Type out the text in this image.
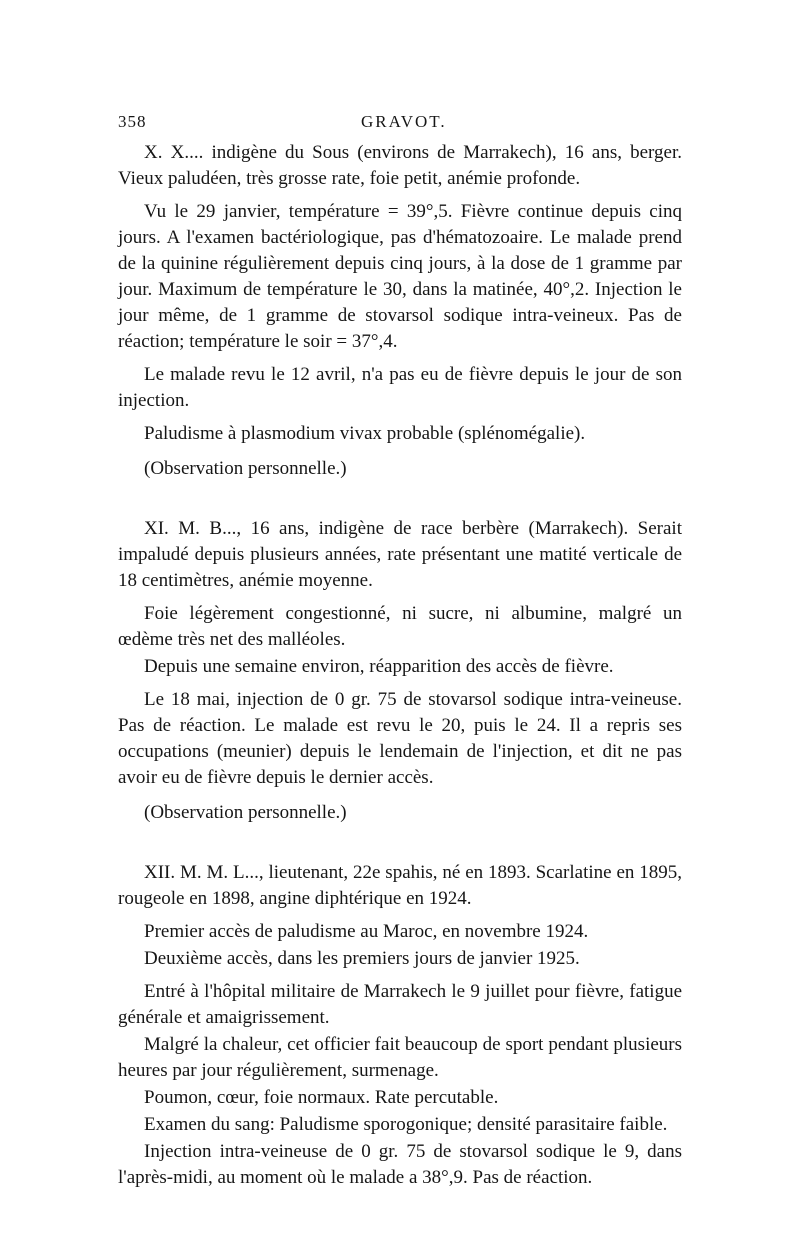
358	GRAVOT.

X. X.... indigène du Sous (environs de Marrakech), 16 ans, berger. Vieux paludéen, très grosse rate, foie petit, anémie profonde.

Vu le 29 janvier, température = 39°,5. Fièvre continue depuis cinq jours. A l'examen bactériologique, pas d'hématozoaire. Le malade prend de la quinine régulièrement depuis cinq jours, à la dose de 1 gramme par jour. Maximum de température le 30, dans la matinée, 40°,2. Injection le jour même, de 1 gramme de stovarsol sodique intra-veineux. Pas de réaction; température le soir = 37°,4.

Le malade revu le 12 avril, n'a pas eu de fièvre depuis le jour de son injection.

Paludisme à plasmodium vivax probable (splénomégalie).

(Observation personnelle.)

XI. M. B..., 16 ans, indigène de race berbère (Marrakech). Serait impaludé depuis plusieurs années, rate présentant une matité verticale de 18 centimètres, anémie moyenne.

Foie légèrement congestionné, ni sucre, ni albumine, malgré un œdème très net des malléoles.

Depuis une semaine environ, réapparition des accès de fièvre.

Le 18 mai, injection de 0 gr. 75 de stovarsol sodique intra-veineuse. Pas de réaction. Le malade est revu le 20, puis le 24. Il a repris ses occupations (meunier) depuis le lendemain de l'injection, et dit ne pas avoir eu de fièvre depuis le dernier accès.

(Observation personnelle.)

XII. M. M. L..., lieutenant, 22e spahis, né en 1893. Scarlatine en 1895, rougeole en 1898, angine diphtérique en 1924.

Premier accès de paludisme au Maroc, en novembre 1924.

Deuxième accès, dans les premiers jours de janvier 1925.

Entré à l'hôpital militaire de Marrakech le 9 juillet pour fièvre, fatigue générale et amaigrissement.

Malgré la chaleur, cet officier fait beaucoup de sport pendant plusieurs heures par jour régulièrement, surmenage.

Poumon, cœur, foie normaux. Rate percutable.

Examen du sang: Paludisme sporogonique; densité parasitaire faible.

Injection intra-veineuse de 0 gr. 75 de stovarsol sodique le 9, dans l'après-midi, au moment où le malade a 38°,9. Pas de réaction.
